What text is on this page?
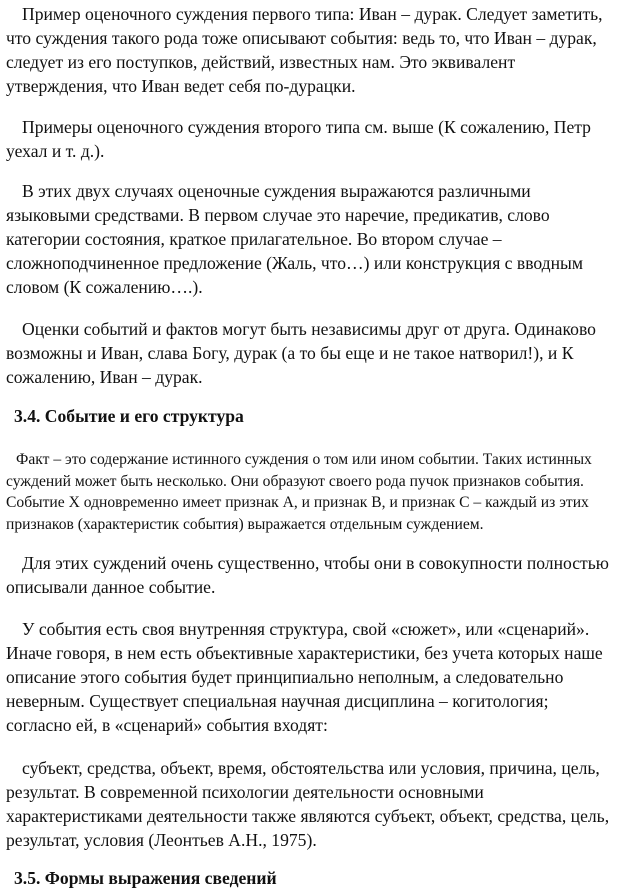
Пример оценочного суждения первого типа: Иван – дурак. Следует заметить,
что суждения такого рода тоже описывают события: ведь то, что Иван – дурак,
следует из его поступков, действий, известных нам. Это эквивалент
утверждения, что Иван ведет себя по-дурацки.

Примеры оценочного суждения второго типа см. выше (К сожалению, Петр
уехал и т. д.).

В этих двух случаях оценочные суждения выражаются различными
языковыми средствами. В первом случае это наречие, предикатив, слово
категории состояния, краткое прилагательное. Во втором случае –
сложноподчиненное предложение (Жаль, что…) или конструкция с вводным
словом (К сожалению….).

Оценки событий и фактов могут быть независимы друг от друга. Одинаково
возможны и Иван, слава Богу, дурак (а то бы еще и не такое натворил!), и К
сожалению, Иван – дурак.

3.4. Событие и его структура

Факт – это содержание истинного суждения о том или ином событии. Таких истинных
суждений может быть несколько. Они образуют своего рода пучок признаков события.
Событие X одновременно имеет признак A, и признак B, и признак C – каждый из этих
признаков (характеристик события) выражается отдельным суждением.

Для этих суждений очень существенно, чтобы они в совокупности полностью
описывали данное событие.

У события есть своя внутренняя структура, свой «сюжет», или «сценарий».
Иначе говоря, в нем есть объективные характеристики, без учета которых наше
описание этого события будет принципиально неполным, а следовательно
неверным. Существует специальная научная дисциплина – когитология;
согласно ей, в «сценарий» события входят:

субъект, средства, объект, время, обстоятельства или условия, причина, цель,
результат. В современной психологии деятельности основными
характеристиками деятельности также являются субъект, объект, средства, цель,
результат, условия (Леонтьев А.Н., 1975).

3.5. Формы выражения сведений
